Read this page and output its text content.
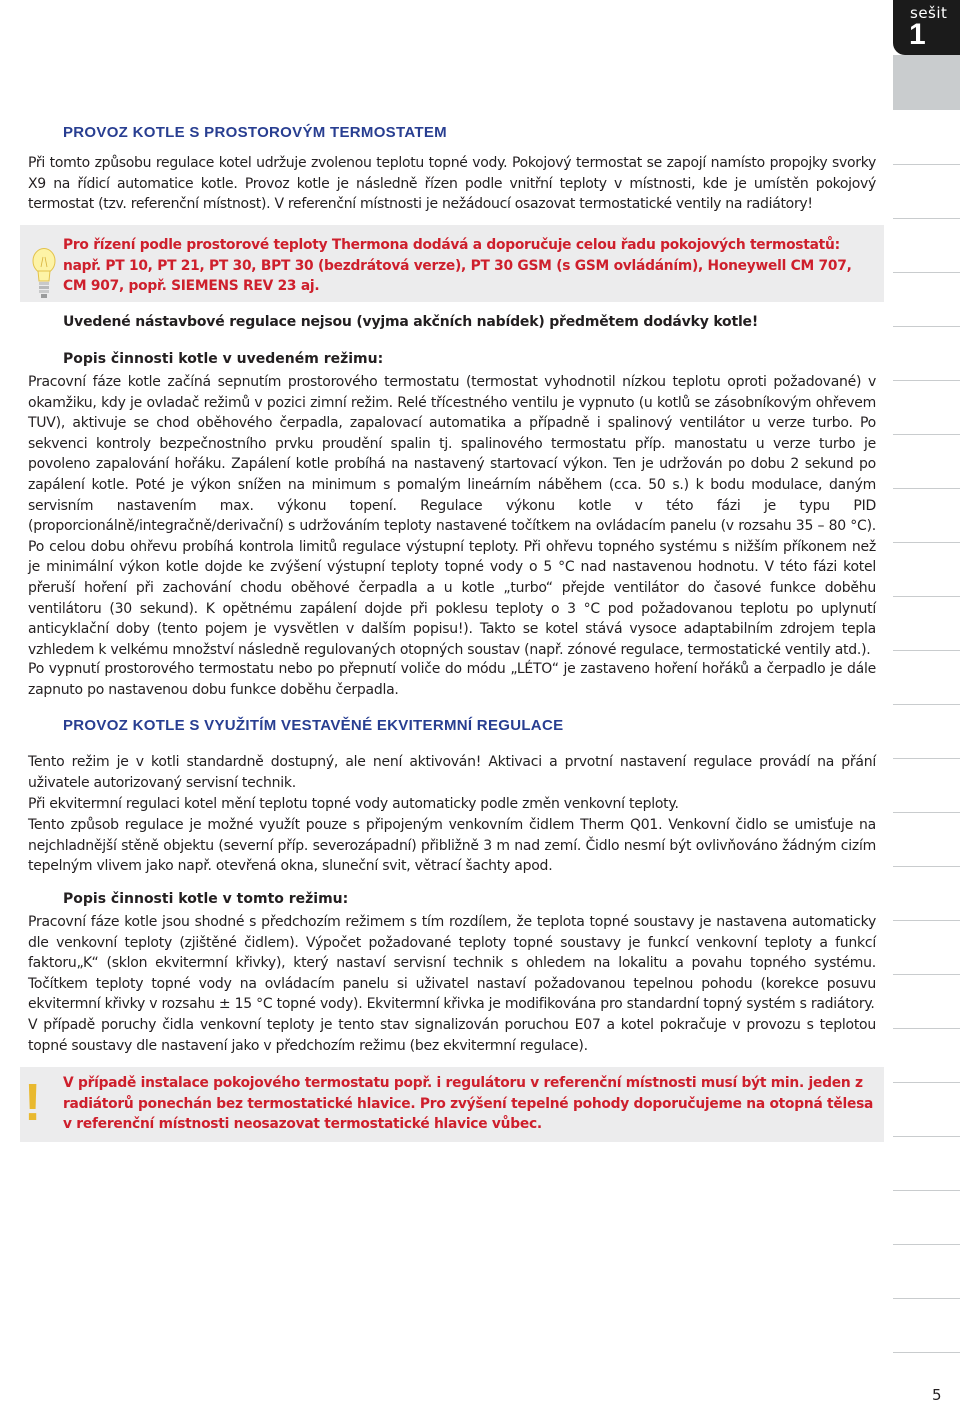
sešit
1
PROVOZ KOTLE S PROSTOROVÝM TERMOSTATEM

Při tomto způsobu regulace kotel udržuje zvolenou teplotu topné vody. Pokojový termostat se zapojí namísto propojky svorky X9 na řídicí automatice kotle. Provoz kotle je následně řízen podle vnitřní teploty v místnosti, kde je umístěn pokojový termostat (tzv. referenční místnost). V referenční místnosti je nežádoucí osazovat termostatické ventily na radiátory!

Pro řízení podle prostorové teploty Thermona dodává a doporučuje celou řadu pokojových termostatů: např. PT 10, PT 21, PT 30, BPT 30 (bezdrátová verze), PT 30 GSM (s GSM ovládáním), Honeywell CM 707, CM 907, popř. SIEMENS REV 23 aj.

Uvedené nástavbové regulace nejsou (vyjma akčních nabídek) předmětem dodávky kotle!

Popis činnosti kotle v uvedeném režimu:

Pracovní fáze kotle začíná sepnutím prostorového termostatu (termostat vyhodnotil nízkou teplotu oproti požadované) v okamžiku, kdy je ovladač režimů v pozici zimní režim. Relé třícestného ventilu je vypnuto (u kotlů se zásobníkovým ohřevem TUV), aktivuje se chod oběhového čerpadla, zapalovací automatika a případně i spalinový ventilátor u verze turbo. Po sekvenci kontroly bezpečnostního prvku proudění spalin tj. spalinového termostatu příp. manostatu u verze turbo je povoleno zapalování hořáku. Zapálení kotle probíhá na nastavený startovací výkon. Ten je udržován po dobu 2 sekund po zapálení kotle. Poté je výkon snížen na minimum s pomalým lineárním náběhem (cca. 50 s.) k bodu modulace, daným servisním nastavením max. výkonu topení. Regulace výkonu kotle v této fázi je typu PID (proporcionálně/integračně/derivační) s udržováním teploty nastavené točítkem na ovládacím panelu (v rozsahu 35 – 80 °C). Po celou dobu ohřevu probíhá kontrola limitů regulace výstupní teploty. Při ohřevu topného systému s nižším příkonem než je minimální výkon kotle dojde ke zvýšení výstupní teploty topné vody o 5 °C nad nastavenou hodnotu. V této fázi kotel přeruší hoření při zachování chodu oběhové čerpadla a u kotle „turbo“ přejde ventilátor do časové funkce doběhu ventilátoru (30 sekund). K opětnému zapálení dojde při poklesu teploty o 3 °C pod požadovanou teplotu po uplynutí anticyklační doby (tento pojem je vysvětlen v dalším popisu!). Takto se kotel stává vysoce adaptabilním zdrojem tepla vzhledem k velkému množství následně regulovaných otopných soustav (např. zónové regulace, termostatické ventily atd.).

Po vypnutí prostorového termostatu nebo po přepnutí voliče do módu „LÉTO“ je zastaveno hoření hořáků a čerpadlo je dále zapnuto po nastavenou dobu funkce doběhu čerpadla.

PROVOZ KOTLE S VYUŽITÍM VESTAVĚNÉ EKVITERMNÍ REGULACE

Tento režim je v kotli standardně dostupný, ale není aktivován! Aktivaci a prvotní nastavení regulace provádí na přání uživatele autorizovaný servisní technik.

Při ekvitermní regulaci kotel mění teplotu topné vody automaticky podle změn venkovní teploty.

Tento způsob regulace je možné využít pouze s připojeným venkovním čidlem Therm Q01. Venkovní čidlo se umisťuje na nejchladnější stěně objektu (severní příp. severozápadní) přibližně 3 m nad zemí. Čidlo nesmí být ovlivňováno žádným cizím tepelným vlivem jako např. otevřená okna, sluneční svit, větrací šachty apod.

Popis činnosti kotle v tomto režimu:

Pracovní fáze kotle jsou shodné s předchozím režimem s tím rozdílem, že teplota topné soustavy je nastavena automaticky dle venkovní teploty (zjištěné čidlem). Výpočet požadované teploty topné soustavy je funkcí venkovní teploty a funkcí faktoru„K“ (sklon ekvitermní křivky), který nastaví servisní technik s ohledem na lokalitu a povahu topného systému. Točítkem teploty topné vody na ovládacím panelu si uživatel nastaví požadovanou tepelnou pohodu (korekce posuvu ekvitermní křivky v rozsahu ± 15 °C topné vody). Ekvitermní křivka je modifikována pro standardní topný systém s radiátory.

V případě poruchy čidla venkovní teploty je tento stav signalizován poruchou E07 a kotel pokračuje v provozu s teplotou topné soustavy dle nastavení jako v předchozím režimu (bez ekvitermní regulace).

! V případě instalace pokojového termostatu popř. i regulátoru v referenční místnosti musí být min. jeden z radiátorů ponechán bez termostatické hlavice. Pro zvýšení tepelné pohody doporučujeme na otopná tělesa v referenční místnosti neosazovat termostatické hlavice vůbec.

5
